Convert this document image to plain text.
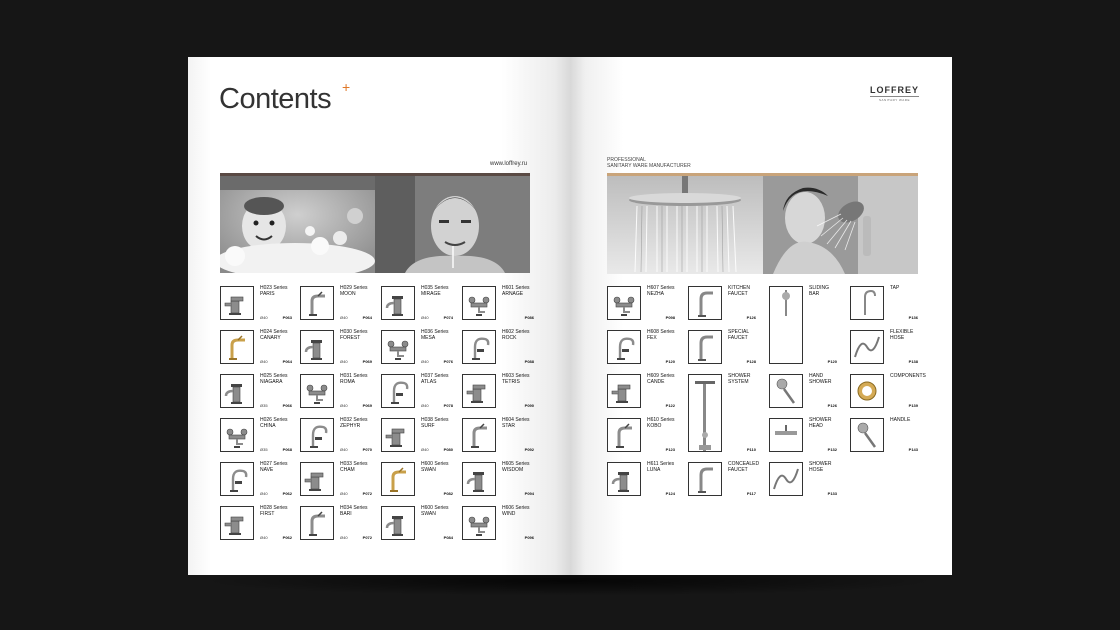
Contents +
www.loffrey.ru
H023 Series
PARIS
Ø40	P063
H024 Series
CANARY
Ø40	P064
H025 Series
NIAGARA
Ø35	P066
H026 Series
CHINA
Ø35	P068
H027 Series
NAVE
Ø40	P062
H028 Series
FIRST
Ø40	P062
H029 Series
MOON
Ø40	P064
H030 Series
FOREST
Ø40	P069
H031 Series
ROMA
Ø40	P069
H032 Series
ZEPHYR
Ø40	P070
H033 Series
CHAM
Ø40	P072
H034 Series
BARI
Ø40	P072
H035 Series
MIRAGE
Ø40	P074
H036 Series
MESA
Ø40	P076
H037 Series
ATLAS
Ø40	P078
H038 Series
SURF
Ø40	P080
H600 Series
SWAN
P082
H600 Series
SWAN
P084
H601 Series
ARNAGE
P086
H602 Series
ROCK
P088
H603 Series
TETRIS
P090
H604 Series
STAR
P092
H605 Series
WISDOM
P094
H606 Series
WIND
P096
LOFFREY
SANITARY WARE
PROFESSIONAL
SANITARY WARE MANUFACTURER
H607 Series
NEZHA
P098
H608 Series
FEX
P120
H609 Series
CANDE
P122
H610 Series
KOBO
P123
H611 Series
LUNA
P124
KITCHEN
FAUCET
P126
SPECIAL
FAUCET
P128
SHOWER
SYSTEM
P110
CONCEALED
FAUCET
P117
SLIDING
BAR
P120
HAND
SHOWER
P126
SHOWER
HEAD
P132
SHOWER
HOSE
P133
TAP
P136
FLEXIBLE
HOSE
P138
COMPONENTS
P139
HANDLE
P143
